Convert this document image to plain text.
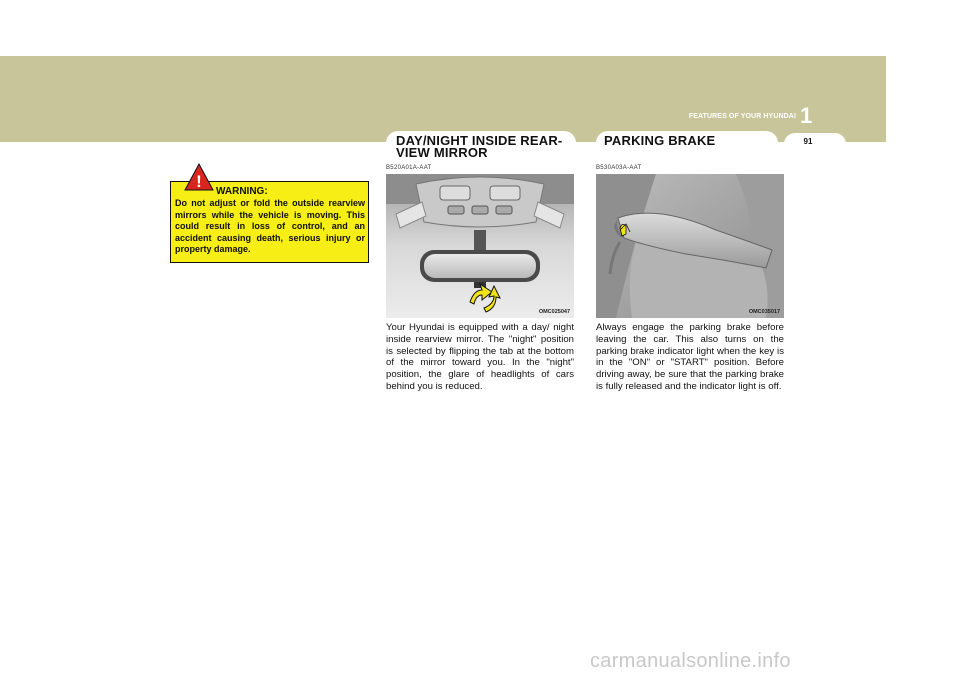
FEATURES OF YOUR HYUNDAI 1
91
!
WARNING:
Do not adjust or fold the outside rearview mirrors while the vehicle is moving. This could result in loss of control, and an accident causing death, serious injury or property damage.
DAY/NIGHT INSIDE REAR-
VIEW MIRROR
B520A01A-AAT
OMC025047
Your Hyundai is equipped with a day/ night inside rearview mirror. The "night" position is selected by flipping the tab at the bottom of the mirror toward you. In the "night" position, the glare of headlights of cars behind you is reduced.
PARKING BRAKE
B530A03A-AAT
OMC035017
Always engage the parking brake before leaving the car. This also turns on the parking brake indicator light when the key is in the "ON" or "START" position. Before driving away, be sure that the parking brake is fully released and the indicator light is off.
carmanualsonline.info
